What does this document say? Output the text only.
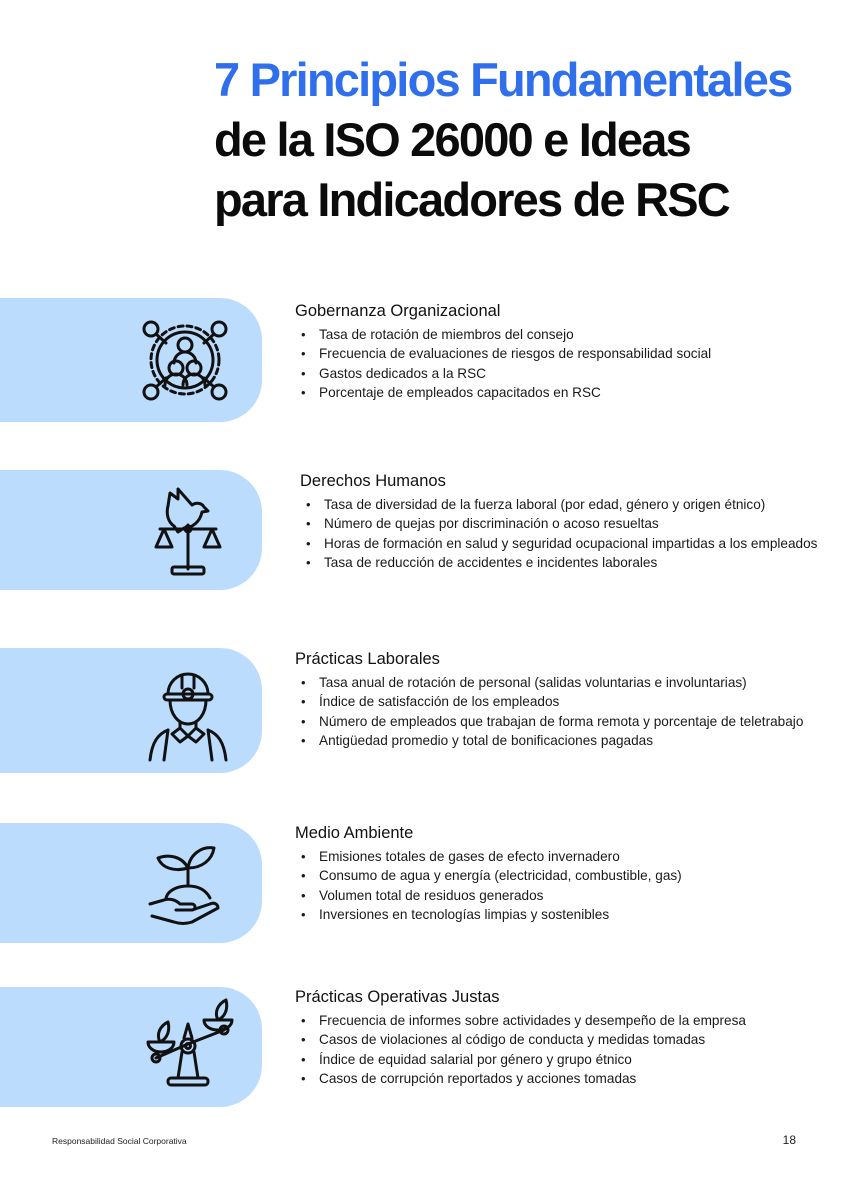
7 Principios Fundamentales
de la ISO 26000 e Ideas
para Indicadores de RSC
Gobernanza Organizacional
• Tasa de rotación de miembros del consejo
• Frecuencia de evaluaciones de riesgos de responsabilidad social
• Gastos dedicados a la RSC
• Porcentaje de empleados capacitados en RSC
Derechos Humanos
• Tasa de diversidad de la fuerza laboral (por edad, género y origen étnico)
• Número de quejas por discriminación o acoso resueltas
• Horas de formación en salud y seguridad ocupacional impartidas a los empleados
• Tasa de reducción de accidentes e incidentes laborales
Prácticas Laborales
• Tasa anual de rotación de personal (salidas voluntarias e involuntarias)
• Índice de satisfacción de los empleados
• Número de empleados que trabajan de forma remota y porcentaje de teletrabajo
• Antigüedad promedio y total de bonificaciones pagadas
Medio Ambiente
• Emisiones totales de gases de efecto invernadero
• Consumo de agua y energía (electricidad, combustible, gas)
• Volumen total de residuos generados
• Inversiones en tecnologías limpias y sostenibles
Prácticas Operativas Justas
• Frecuencia de informes sobre actividades y desempeño de la empresa
• Casos de violaciones al código de conducta y medidas tomadas
• Índice de equidad salarial por género y grupo étnico
• Casos de corrupción reportados y acciones tomadas
Responsabilidad Social Corporativa	18
